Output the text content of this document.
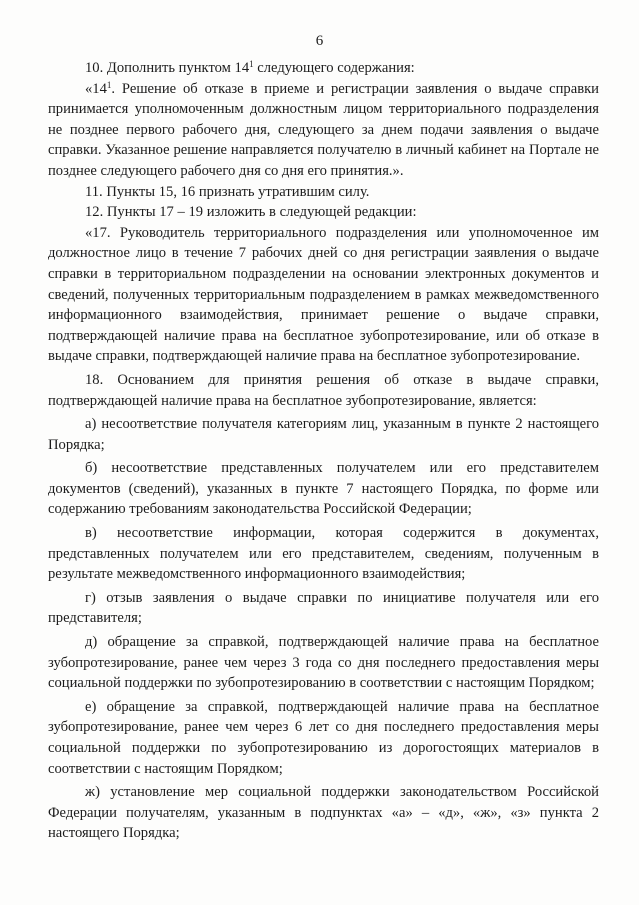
6

10. Дополнить пунктом $14^1$ следующего содержания:

«$14^1$. Решение об отказе в приеме и регистрации заявления о выдаче справки принимается уполномоченным должностным лицом территориального подразделения не позднее первого рабочего дня, следующего за днем подачи заявления о выдаче справки. Указанное решение направляется получателю в личный кабинет на Портале не позднее следующего рабочего дня со дня его принятия.».

11. Пункты 15, 16 признать утратившим силу.

12. Пункты 17 – 19 изложить в следующей редакции:

«17. Руководитель территориального подразделения или уполномоченное им должностное лицо в течение 7 рабочих дней со дня регистрации заявления о выдаче справки в территориальном подразделении на основании электронных документов и сведений, полученных территориальным подразделением в рамках межведомственного информационного взаимодействия, принимает решение о выдаче справки, подтверждающей наличие права на бесплатное зубопротезирование, или об отказе в выдаче справки, подтверждающей наличие права на бесплатное зубопротезирование.

18. Основанием для принятия решения об отказе в выдаче справки, подтверждающей наличие права на бесплатное зубопротезирование, является:

а) несоответствие получателя категориям лиц, указанным в пункте 2 настоящего Порядка;

б) несоответствие представленных получателем или его представителем документов (сведений), указанных в пункте 7 настоящего Порядка, по форме или содержанию требованиям законодательства Российской Федерации;

в) несоответствие информации, которая содержится в документах, представленных получателем или его представителем, сведениям, полученным в результате межведомственного информационного взаимодействия;

г) отзыв заявления о выдаче справки по инициативе получателя или его представителя;

д) обращение за справкой, подтверждающей наличие права на бесплатное зубопротезирование, ранее чем через 3 года со дня последнего предоставления меры социальной поддержки по зубопротезированию в соответствии с настоящим Порядком;

е) обращение за справкой, подтверждающей наличие права на бесплатное зубопротезирование, ранее чем через 6 лет со дня последнего предоставления меры социальной поддержки по зубопротезированию из дорогостоящих материалов в соответствии с настоящим Порядком;

ж) установление мер социальной поддержки законодательством Российской Федерации получателям, указанным в подпунктах «а» – «д», «ж», «з» пункта 2 настоящего Порядка;
